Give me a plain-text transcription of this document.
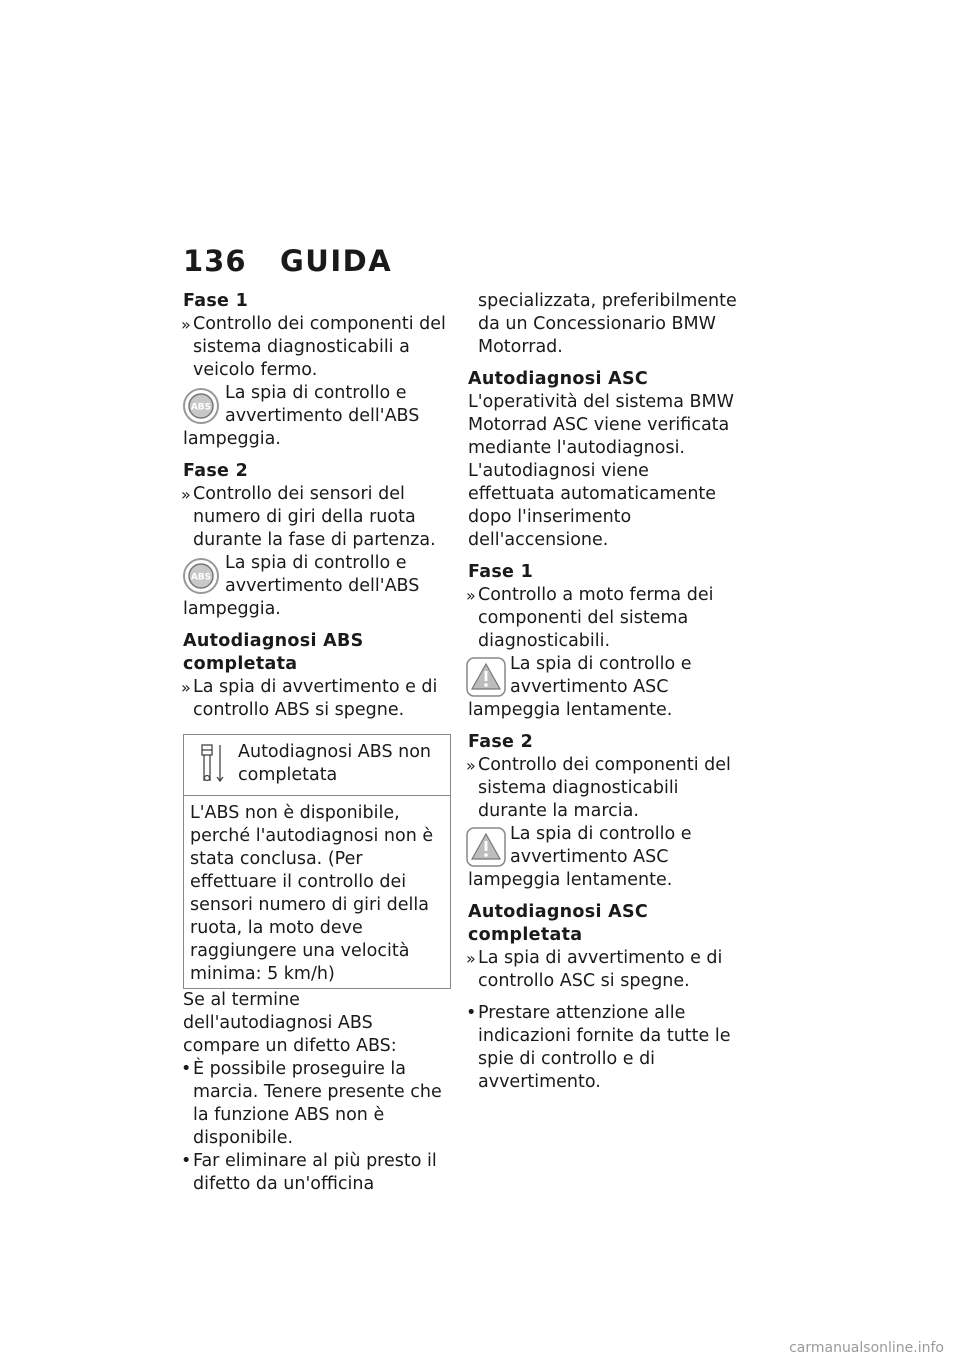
136 GUIDA

Fase 1

» Controllo dei componenti del sistema diagnosticabili a veicolo fermo.

ABS
La spia di controllo e avvertimento dell'ABS lampeggia.

Fase 2

» Controllo dei sensori del numero di giri della ruota durante la fase di partenza.

ABS
La spia di controllo e avvertimento dell'ABS lampeggia.

Autodiagnosi ABS completata

» La spia di avvertimento e di controllo ABS si spegne.

Autodiagnosi ABS non completata
L'ABS non è disponibile, perché l'autodiagnosi non è stata conclusa. (Per effettuare il controllo dei sensori numero di giri della ruota, la moto deve raggiungere una velocità minima: 5 km/h)

Se al termine dell'autodiagnosi ABS compare un difetto ABS:

• È possibile proseguire la marcia. Tenere presente che la funzione ABS non è disponibile.

• Far eliminare al più presto il difetto da un'officina

specializzata, preferibilmente da un Concessionario BMW Motorrad.

Autodiagnosi ASC

L'operatività del sistema BMW Motorrad ASC viene verificata mediante l'autodiagnosi. L'autodiagnosi viene effettuata automaticamente dopo l'inserimento dell'accensione.

Fase 1

» Controllo a moto ferma dei componenti del sistema diagnosticabili.

La spia di controllo e avvertimento ASC lampeggia lentamente.

Fase 2

» Controllo dei componenti del sistema diagnosticabili durante la marcia.

La spia di controllo e avvertimento ASC lampeggia lentamente.

Autodiagnosi ASC completata

» La spia di avvertimento e di controllo ASC si spegne.

• Prestare attenzione alle indicazioni fornite da tutte le spie di controllo e di avvertimento.

carmanualsonline.info
